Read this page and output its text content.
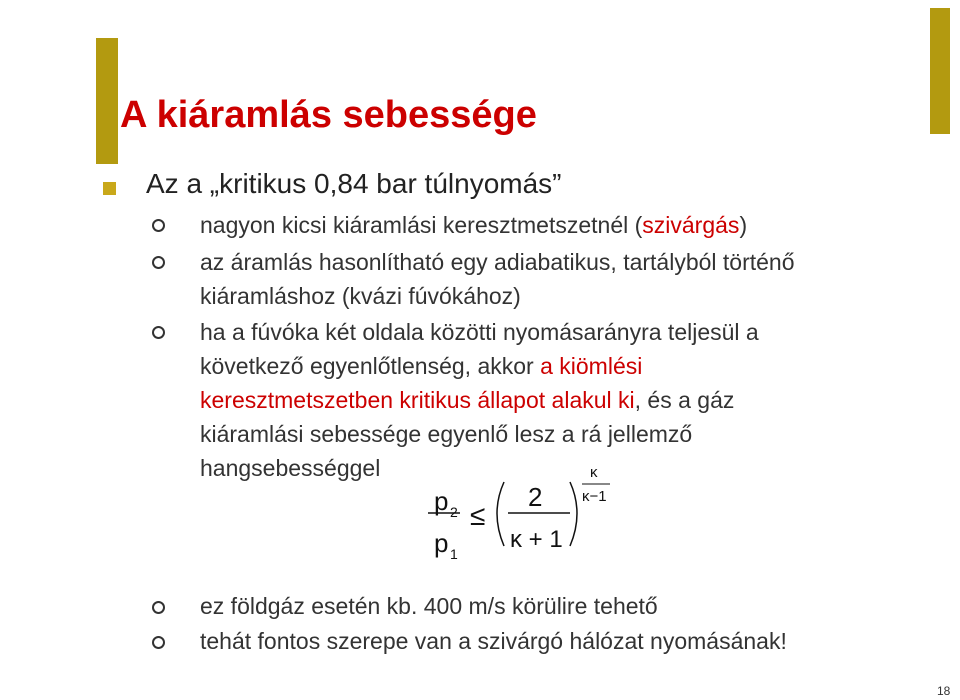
A kiáramlás sebessége
Az a „kritikus 0,84 bar túlnyomás”
nagyon kicsi kiáramlási keresztmetszetnél (szivárgás)
az áramlás hasonlítható egy adiabatikus, tartályból történő
kiáramláshoz (kvázi fúvókához)
ha a fúvóka két oldala közötti nyomásarányra teljesül a
következő egyenlőtlenség, akkor a kiömlési
keresztmetszetben kritikus állapot alakul ki, és a gáz
kiáramlási sebessége egyenlő lesz a rá jellemző
hangsebességgel
ez földgáz esetén kb. 400 m/s körülire tehető
tehát fontos szerepe van a szivárgó hálózat nyomásának!
p 2
p 1
≤
2
κ + 1
κ
κ−1
18
